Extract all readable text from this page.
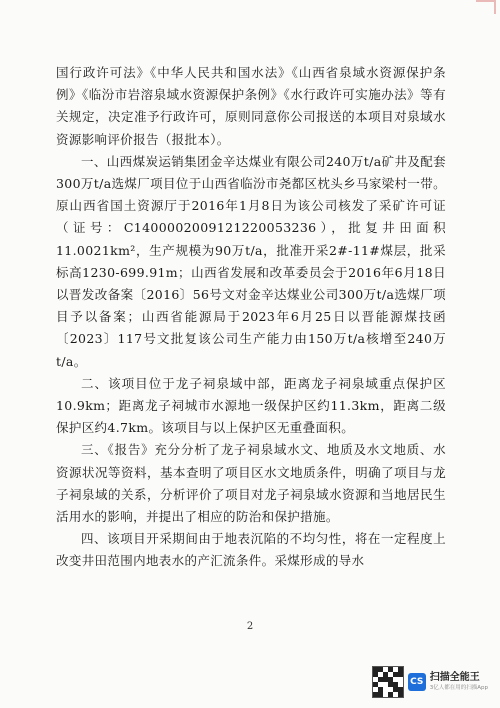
国行政许可法》《中华人民共和国水法》《山西省泉域水资源保护条例》《临汾市岩溶泉域水资源保护条例》《水行政许可实施办法》等有关规定，决定准予行政许可，原则同意你公司报送的本项目对泉域水资源影响评价报告（报批本）。

一、山西煤炭运销集团金辛达煤业有限公司240万t/a矿井及配套300万t/a选煤厂项目位于山西省临汾市尧都区枕头乡马家梁村一带。原山西省国土资源厅于2016年1月8日为该公司核发了采矿许可证（证号：C1400002009121220053236），批复井田面积11.0021km²，生产规模为90万t/a，批准开采2#-11#煤层，批采标高1230-699.91m；山西省发展和改革委员会于2016年6月18日以晋发改备案〔2016〕56号文对金辛达煤业公司300万t/a选煤厂项目予以备案；山西省能源局于2023年6月25日以晋能源煤技函〔2023〕117号文批复该公司生产能力由150万t/a核增至240万t/a。

二、该项目位于龙子祠泉域中部，距离龙子祠泉域重点保护区10.9km；距离龙子祠城市水源地一级保护区约11.3km，距离二级保护区约4.7km。该项目与以上保护区无重叠面积。

三、《报告》充分分析了龙子祠泉域水文、地质及水文地质、水资源状况等资料，基本查明了项目区水文地质条件，明确了项目与龙子祠泉域的关系，分析评价了项目对龙子祠泉域水资源和当地居民生活用水的影响，并提出了相应的防治和保护措施。

四、该项目开采期间由于地表沉陷的不均匀性，将在一定程度上改变井田范围内地表水的产汇流条件。采煤形成的导水

2
CS 扫描全能王
3亿人都在用的扫描App
